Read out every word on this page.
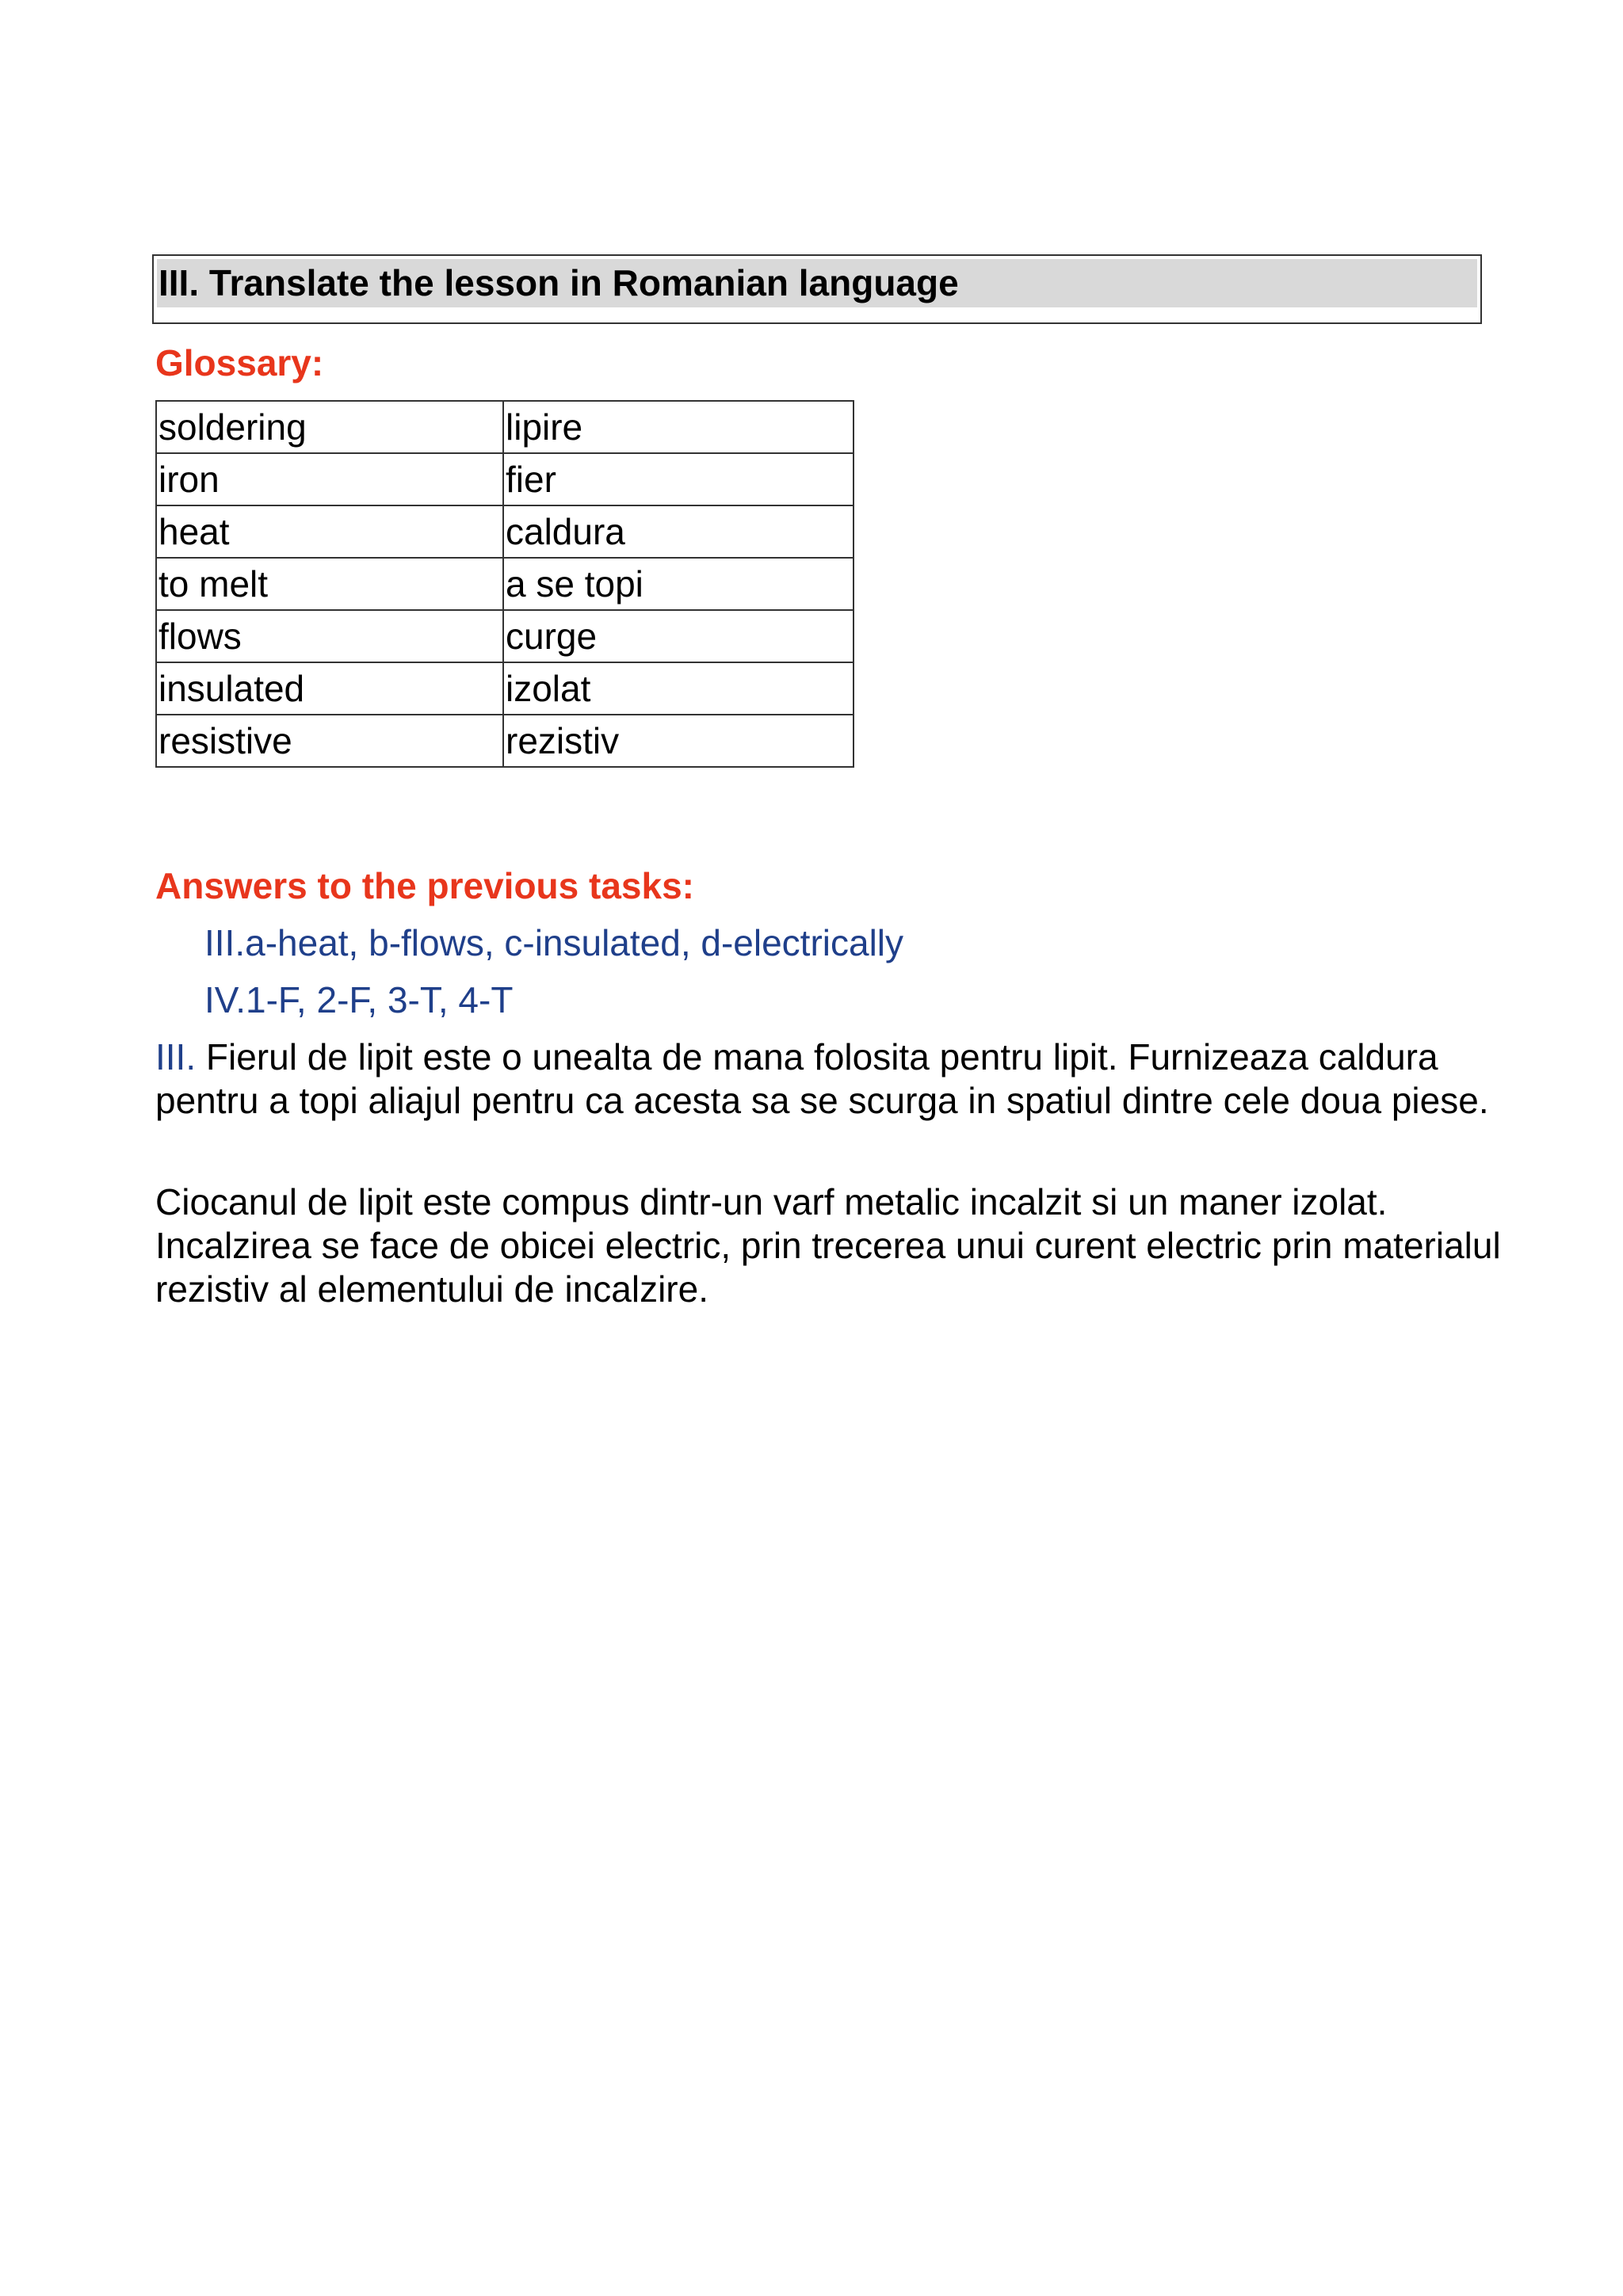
III. Translate the lesson in Romanian language
Glossary:
soldering	lipire
iron	fier
heat	caldura
to melt	a se topi
flows	curge
insulated	izolat
resistive	rezistiv
Answers to the previous tasks:
III.a-heat, b-flows, c-insulated, d-electrically
IV.1-F, 2-F, 3-T, 4-T

III. Fierul de lipit este o unealta de mana folosita pentru lipit. Furnizeaza caldura pentru a topi aliajul pentru ca acesta sa se scurga in spatiul dintre cele doua piese.

Ciocanul de lipit este compus dintr-un varf metalic incalzit si un maner izolat. Incalzirea se face de obicei electric, prin trecerea unui curent electric prin materialul rezistiv al elementului de incalzire.
